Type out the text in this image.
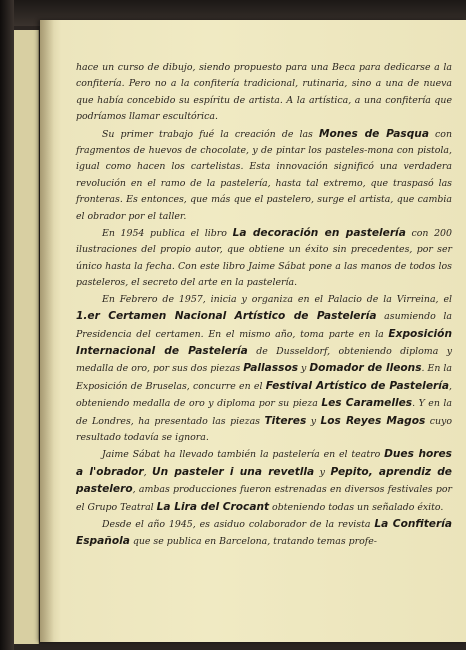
hace un curso de dibujo, siendo propuesto para una Beca para dedicarse a la confitería. Pero no a la confitería tradicional, rutinaria, sino a una de nueva que había concebido su espíritu de artista. A la artística, a una confitería que podríamos llamar escultórica.

Su primer trabajo fué la creación de las Mones de Pasqua con fragmentos de huevos de chocolate, y de pintar los pasteles-mona con pistola, igual como hacen los cartelistas. Esta innovación significó una verdadera revolución en el ramo de la pastelería, hasta tal extremo, que traspasó las fronteras. Es entonces, que más que el pastelero, surge el artista, que cambia el obrador por el taller.

En 1954 publica el libro La decoración en pastelería con 200 ilustraciones del propio autor, que obtiene un éxito sin precedentes, por ser único hasta la fecha. Con este libro Jaime Sábat pone a las manos de todos los pasteleros, el secreto del arte en la pastelería.

En Febrero de 1957, inicia y organiza en el Palacio de la Virreina, el 1.er Certamen Nacional Artístico de Pastelería asumiendo la Presidencia del certamen. En el mismo año, toma parte en la Exposición Internacional de Pastelería de Dusseldorf, obteniendo diploma y medalla de oro, por sus dos piezas Pallassos y Domador de lleons. En la Exposición de Bruselas, concurre en el Festival Artístico de Pastelería, obteniendo medalla de oro y diploma por su pieza Les Caramelles. Y en la de Londres, ha presentado las piezas Titeres y Los Reyes Magos cuyo resultado todavía se ignora.

Jaime Sábat ha llevado también la pastelería en el teatro Dues hores a l'obrador, Un pasteler i una revetlla y Pepito, aprendiz de pastelero, ambas producciones fueron estrenadas en diversos festivales por el Grupo Teatral La Lira del Crocant obteniendo todas un señalado éxito.

Desde el año 1945, es asiduo colaborador de la revista La Confitería Española que se publica en Barcelona, tratando temas profe-
